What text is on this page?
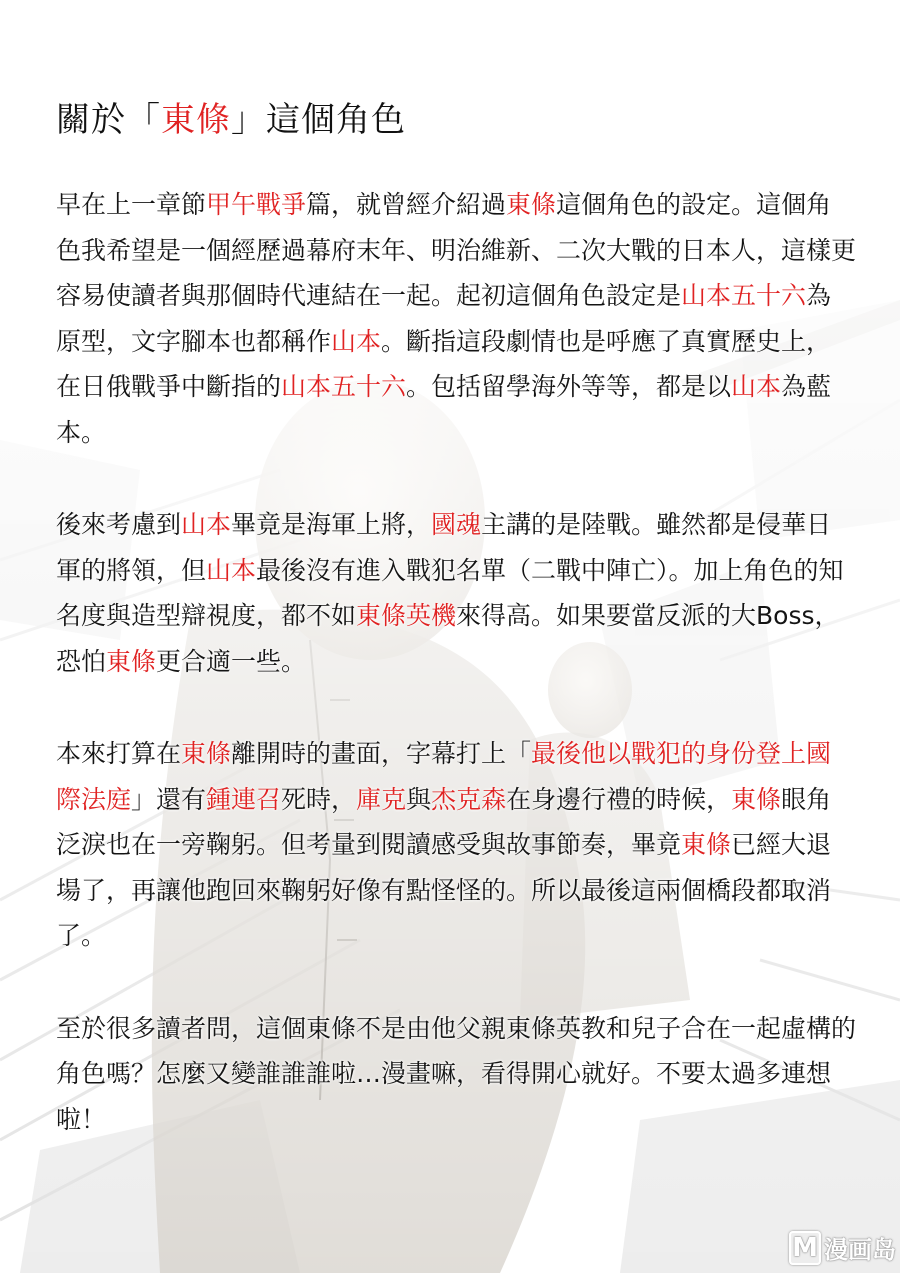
關於「東條」這個角色

早在上一章節甲午戰爭篇，就曾經介紹過東條這個角色的設定。這個角色我希望是一個經歷過幕府末年、明治維新、二次大戰的日本人，這樣更容易使讀者與那個時代連結在一起。起初這個角色設定是山本五十六為原型，文字腳本也都稱作山本。斷指這段劇情也是呼應了真實歷史上，在日俄戰爭中斷指的山本五十六。包括留學海外等等，都是以山本為藍本。

後來考慮到山本畢竟是海軍上將，國魂主講的是陸戰。雖然都是侵華日軍的將領，但山本最後沒有進入戰犯名單（二戰中陣亡）。加上角色的知名度與造型辯視度，都不如東條英機來得高。如果要當反派的大Boss，恐怕東條更合適一些。

本來打算在東條離開時的畫面，字幕打上「最後他以戰犯的身份登上國際法庭」還有鍾連召死時，庫克與杰克森在身邊行禮的時候，東條眼角泛淚也在一旁鞠躬。但考量到閱讀感受與故事節奏，畢竟東條已經大退場了，再讓他跑回來鞠躬好像有點怪怪的。所以最後這兩個橋段都取消了。

至於很多讀者問，這個東條不是由他父親東條英教和兒子合在一起虛構的角色嗎？怎麼又變誰誰誰啦…漫畫嘛，看得開心就好。不要太過多連想啦！

M 漫画岛
